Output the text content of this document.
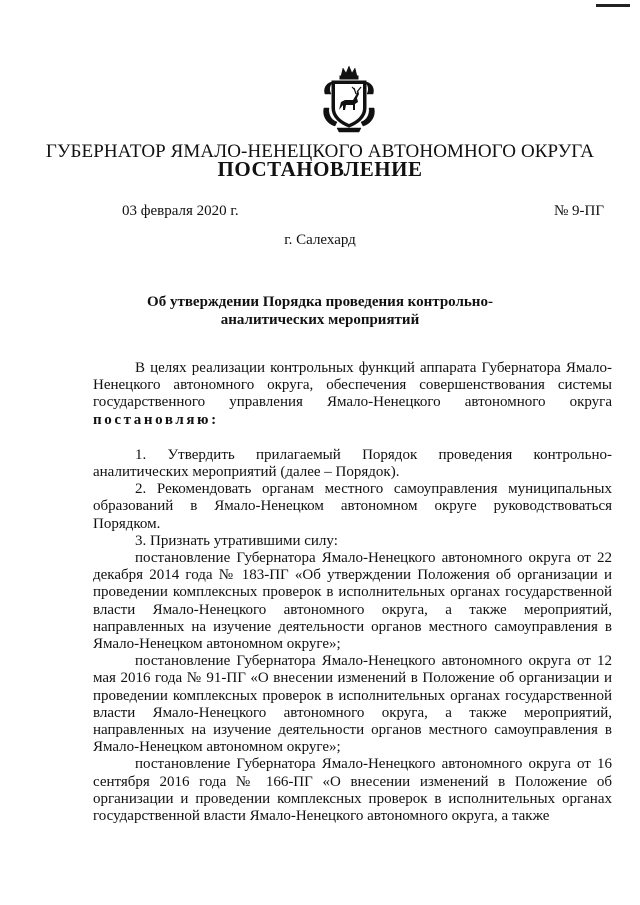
ГУБЕРНАТОР ЯМАЛО-НЕНЕЦКОГО АВТОНОМНОГО ОКРУГА
ПОСТАНОВЛЕНИЕ
03 февраля 2020 г.	№ 9-ПГ
г. Салехард
Об утверждении Порядка проведения контрольно-аналитических мероприятий

В целях реализации контрольных функций аппарата Губернатора Ямало-Ненецкого автономного округа, обеспечения совершенствования системы государственного управления Ямало-Ненецкого автономного округа постановляю:

1. Утвердить прилагаемый Порядок проведения контрольно-аналитических мероприятий (далее – Порядок).

2. Рекомендовать органам местного самоуправления муниципальных образований в Ямало-Ненецком автономном округе руководствоваться Порядком.

3. Признать утратившими силу:

постановление Губернатора Ямало-Ненецкого автономного округа от 22 декабря 2014 года № 183-ПГ «Об утверждении Положения об организации и проведении комплексных проверок в исполнительных органах государственной власти Ямало-Ненецкого автономного округа, а также мероприятий, направленных на изучение деятельности органов местного самоуправления в Ямало-Ненецком автономном округе»;

постановление Губернатора Ямало-Ненецкого автономного округа от 12 мая 2016 года № 91-ПГ «О внесении изменений в Положение об организации и проведении комплексных проверок в исполнительных органах государственной власти Ямало-Ненецкого автономного округа, а также мероприятий, направленных на изучение деятельности органов местного самоуправления в Ямало-Ненецком автономном округе»;

постановление Губернатора Ямало-Ненецкого автономного округа от 16 сентября 2016 года № 166-ПГ «О внесении изменений в Положение об организации и проведении комплексных проверок в исполнительных органах государственной власти Ямало-Ненецкого автономного округа, а также
